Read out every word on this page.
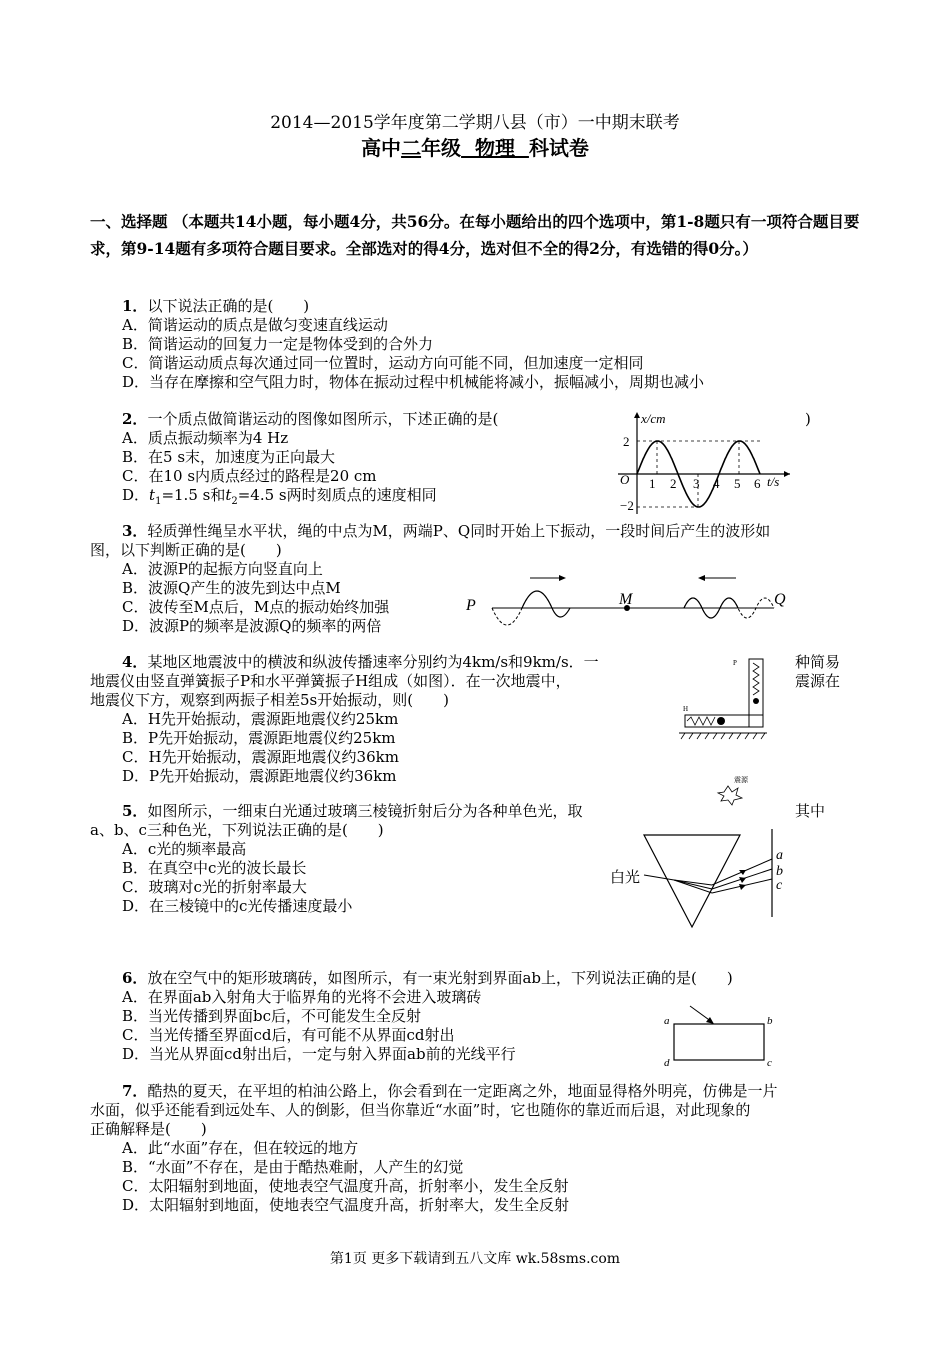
2014—2015学年度第二学期八县（市）一中期末联考
高中二年级 物理 科试卷
一、选择题 （本题共14小题，每小题4分，共56分。在每小题给出的四个选项中，第1-8题只有一项符合题目要求，第9-14题有多项符合题目要求。全部选对的得4分，选对但不全的得2分，有选错的得0分。）
1．以下说法正确的是(　　)
A．简谐运动的质点是做匀变速直线运动
B．简谐运动的回复力一定是物体受到的合外力
C．简谐运动质点每次通过同一位置时，运动方向可能不同，但加速度一定相同
D．当存在摩擦和空气阻力时，物体在振动过程中机械能将减小，振幅减小，周期也减小
2．一个质点做简谐运动的图像如图所示，下述正确的是(	)
A．质点振动频率为4 Hz
B．在5 s末，加速度为正向最大
C．在10 s内质点经过的路程是20 cm
D．$t_1=1.5$ s和$t_2=4.5$ s两时刻质点的速度相同
x/cm
t/s
O
2
−2
1 2 3 4 5 6
3．轻质弹性绳呈水平状，绳的中点为M，两端P、Q同时开始上下振动，一段时间后产生的波形如
图，以下判断正确的是(　　)
A．波源P的起振方向竖直向上
B．波源Q产生的波先到达中点M
C．波传至M点后，M点的振动始终加强
D．波源P的频率是波源Q的频率的两倍
P	M	Q
4．某地区地震波中的横波和纵波传播速率分别约为4km/s和9km/s．一	种简易
地震仪由竖直弹簧振子P和水平弹簧振子H组成（如图）．在一次地震中，	震源在
地震仪下方，观察到两振子相差5s开始振动，则(　　)
A．H先开始振动，震源距地震仪约25km
B．P先开始振动，震源距地震仪约25km
C．H先开始振动，震源距地震仪约36km
D．P先开始振动，震源距地震仪约36km
P
H
震源
5．如图所示，一细束白光通过玻璃三棱镜折射后分为各种单色光，取	其中
a、b、c三种色光，下列说法正确的是(　　)
A．c光的频率最高
B．在真空中c光的波长最长
C．玻璃对c光的折射率最大
D．在三棱镜中的c光传播速度最小
白光
a
b
c
6．放在空气中的矩形玻璃砖，如图所示，有一束光射到界面ab上，下列说法正确的是(　　)
A．在界面ab入射角大于临界角的光将不会进入玻璃砖
B．当光传播到界面bc后，不可能发生全反射
C．当光传播至界面cd后，有可能不从界面cd射出
D．当光从界面cd射出后，一定与射入界面ab前的光线平行
a	b
c
d
7．酷热的夏天，在平坦的柏油公路上，你会看到在一定距离之外，地面显得格外明亮，仿佛是一片
水面，似乎还能看到远处车、人的倒影，但当你靠近“水面”时，它也随你的靠近而后退，对此现象的
正确解释是(　　)
A．此“水面”存在，但在较远的地方
B．“水面”不存在，是由于酷热难耐，人产生的幻觉
C．太阳辐射到地面，使地表空气温度升高，折射率小，发生全反射
D．太阳辐射到地面，使地表空气温度升高，折射率大，发生全反射
第1页 更多下载请到五八文库 wk.58sms.com
